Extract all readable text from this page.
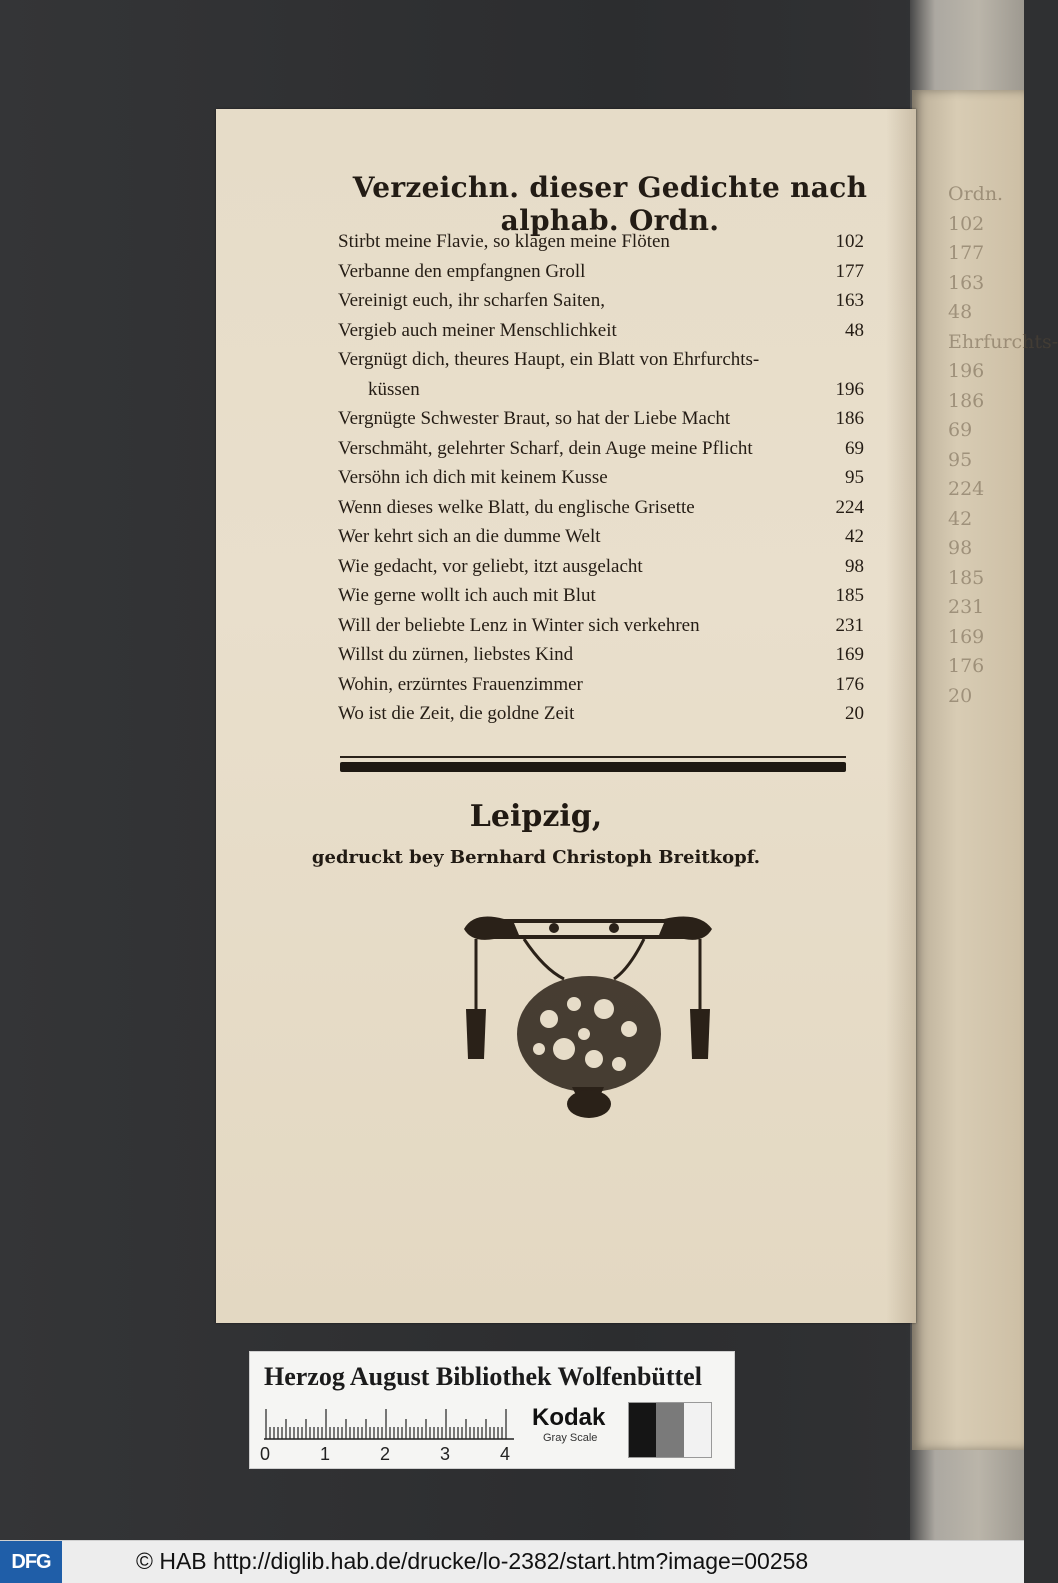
Ordn.
102
177
163
48
Ehrfurchts-
196
186
69
95
224
42
98
185
231
169
176
20
Verzeichn. dieser Gedichte nach alphab. Ordn.
Stirbt meine Flavie, so klagen meine Flöten	102
Verbanne den empfangnen Groll	177
Vereinigt euch, ihr scharfen Saiten,	163
Vergieb auch meiner Menschlichkeit	48
Vergnügt dich, theures Haupt, ein Blatt von Ehrfurchts-
küssen	196
Vergnügte Schwester Braut, so hat der Liebe Macht	186
Verschmäht, gelehrter Scharf, dein Auge meine Pflicht	69
Versöhn ich dich mit keinem Kusse	95
Wenn dieses welke Blatt, du englische Grisette	224
Wer kehrt sich an die dumme Welt	42
Wie gedacht, vor geliebt, itzt ausgelacht	98
Wie gerne wollt ich auch mit Blut	185
Will der beliebte Lenz in Winter sich verkehren	231
Willst du zürnen, liebstes Kind	169
Wohin, erzürntes Frauenzimmer	176
Wo ist die Zeit, die goldne Zeit	20
Leipzig,
gedruckt bey Bernhard Christoph Breitkopf.
Herzog August Bibliothek Wolfenbüttel
0	1	2	3	4
Kodak
Gray Scale
DFG	© HAB http://diglib.hab.de/drucke/lo-2382/start.htm?image=00258
